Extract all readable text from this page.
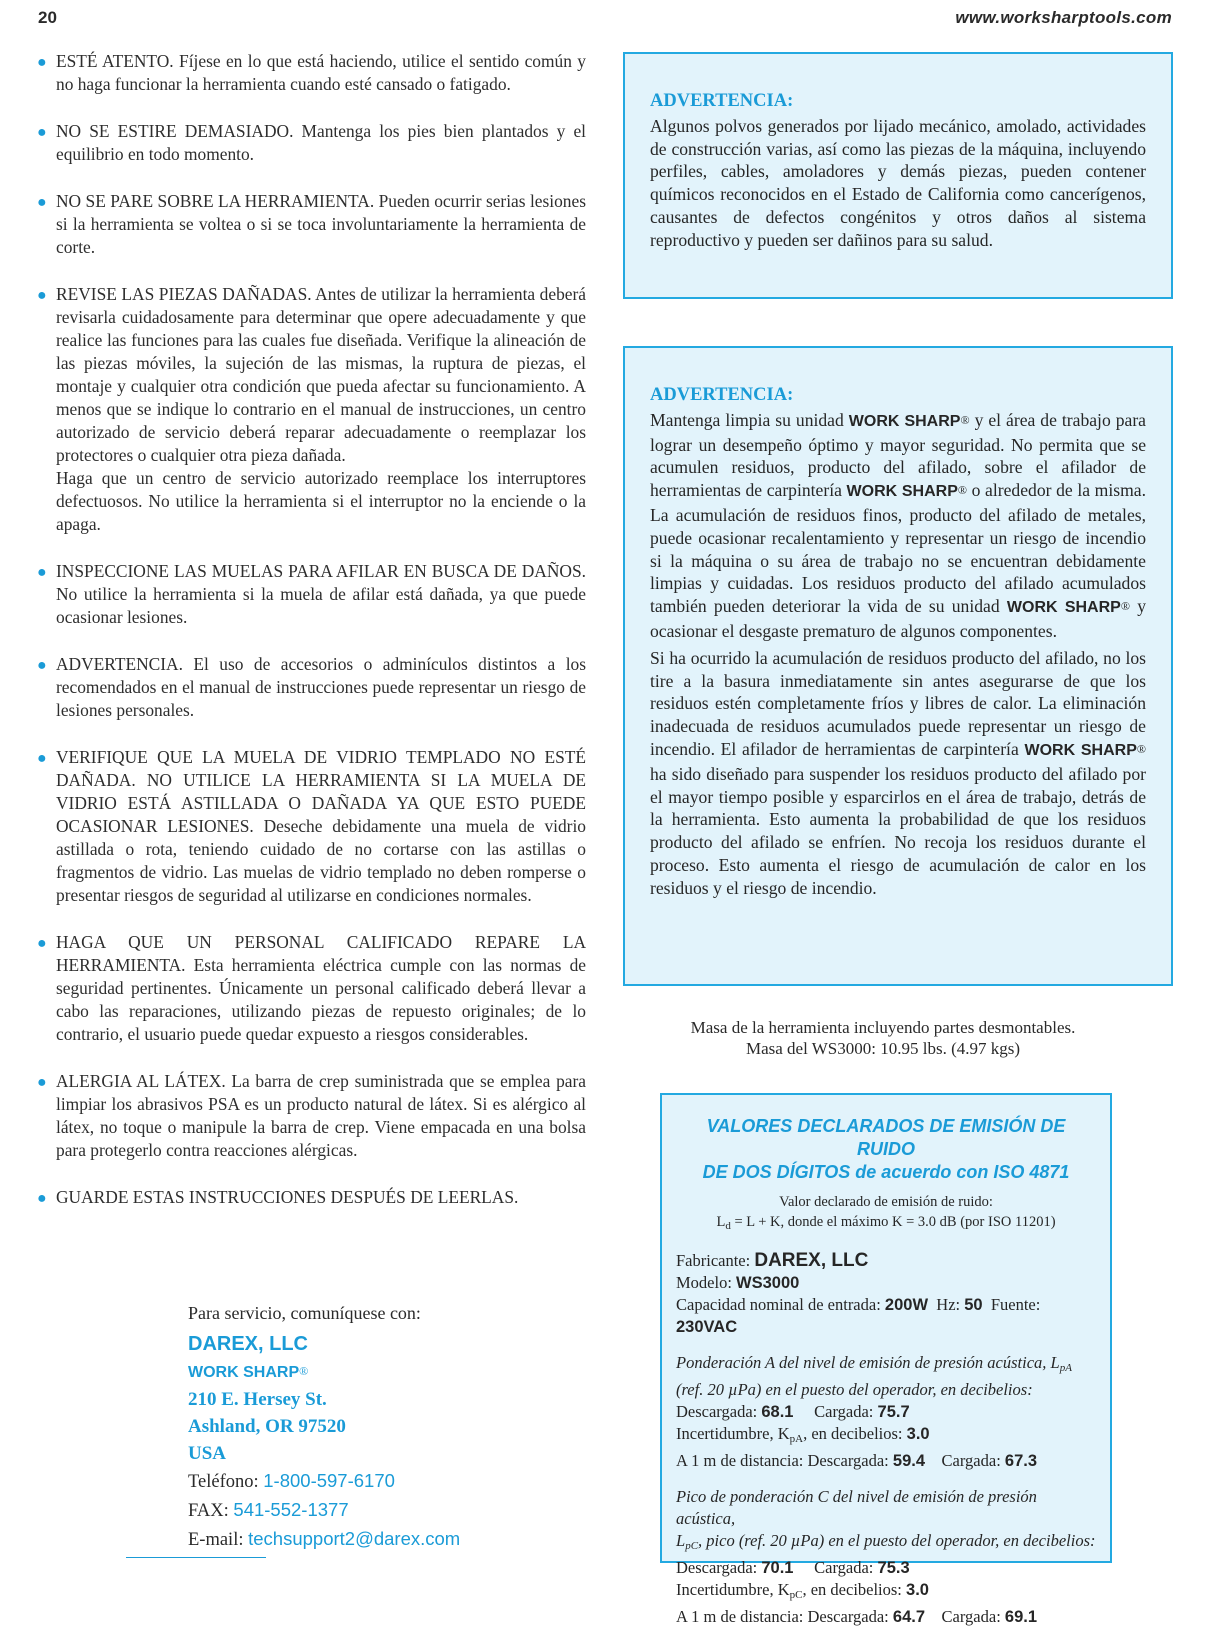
20	www.worksharptools.com
● ESTÉ ATENTO. Fíjese en lo que está haciendo, utilice el sentido común y no haga funcionar la herramienta cuando esté cansado o fatigado.

● NO SE ESTIRE DEMASIADO. Mantenga los pies bien plantados y el equilibrio en todo momento.

● NO SE PARE SOBRE LA HERRAMIENTA. Pueden ocurrir serias lesiones si la herramienta se voltea o si se toca involuntariamente la herramienta de corte.

● REVISE LAS PIEZAS DAÑADAS. Antes de utilizar la herramienta deberá revisarla cuidadosamente para determinar que opere adecuadamente y que realice las funciones para las cuales fue diseñada. Verifique la alineación de las piezas móviles, la sujeción de las mismas, la ruptura de piezas, el montaje y cualquier otra condición que pueda afectar su funcionamiento. A menos que se indique lo contrario en el manual de instrucciones, un centro autorizado de servicio deberá reparar adecuadamente o reemplazar los protectores o cualquier otra pieza dañada.

Haga que un centro de servicio autorizado reemplace los interruptores defectuosos. No utilice la herramienta si el interruptor no la enciende o la apaga.

● INSPECCIONE LAS MUELAS PARA AFILAR EN BUSCA DE DAÑOS. No utilice la herramienta si la muela de afilar está dañada, ya que puede ocasionar lesiones.

● ADVERTENCIA. El uso de accesorios o adminículos distintos a los recomendados en el manual de instrucciones puede representar un riesgo de lesiones personales.

● VERIFIQUE QUE LA MUELA DE VIDRIO TEMPLADO NO ESTÉ DAÑADA. NO UTILICE LA HERRAMIENTA SI LA MUELA DE VIDRIO ESTÁ ASTILLADA O DAÑADA YA QUE ESTO PUEDE OCASIONAR LESIONES. Deseche debidamente una muela de vidrio astillada o rota, teniendo cuidado de no cortarse con las astillas o fragmentos de vidrio. Las muelas de vidrio templado no deben romperse o presentar riesgos de seguridad al utilizarse en condiciones normales.

● HAGA QUE UN PERSONAL CALIFICADO REPARE LA HERRAMIENTA. Esta herramienta eléctrica cumple con las normas de seguridad pertinentes. Únicamente un personal calificado deberá llevar a cabo las reparaciones, utilizando piezas de repuesto originales; de lo contrario, el usuario puede quedar expuesto a riesgos considerables.

● ALERGIA AL LÁTEX. La barra de crep suministrada que se emplea para limpiar los abrasivos PSA es un producto natural de látex. Si es alérgico al látex, no toque o manipule la barra de crep. Viene empacada en una bolsa para protegerlo contra reacciones alérgicas.

● GUARDE ESTAS INSTRUCCIONES DESPUÉS DE LEERLAS.

Para servicio, comuníquese con:
DAREX, LLC
WORK SHARP®
210 E. Hersey St.
Ashland, OR 97520
USA
Teléfono: 1-800-597-6170
FAX: 541-552-1377
E-mail: techsupport2@darex.com
ADVERTENCIA:

Algunos polvos generados por lijado mecánico, amolado, actividades de construcción varias, así como las piezas de la máquina, incluyendo perfiles, cables, amoladores y demás piezas, pueden contener químicos reconocidos en el Estado de California como cancerígenos, causantes de defectos congénitos y otros daños al sistema reproductivo y pueden ser dañinos para su salud.

ADVERTENCIA:

Mantenga limpia su unidad WORK SHARP® y el área de trabajo para lograr un desempeño óptimo y mayor seguridad. No permita que se acumulen residuos, producto del afilado, sobre el afilador de herramientas de carpintería WORK SHARP® o alrededor de la misma. La acumulación de residuos finos, producto del afilado de metales, puede ocasionar recalentamiento y representar un riesgo de incendio si la máquina o su área de trabajo no se encuentran debidamente limpias y cuidadas. Los residuos producto del afilado acumulados también pueden deteriorar la vida de su unidad WORK SHARP® y ocasionar el desgaste prematuro de algunos componentes.

Si ha ocurrido la acumulación de residuos producto del afilado, no los tire a la basura inmediatamente sin antes asegurarse de que los residuos estén completamente fríos y libres de calor. La eliminación inadecuada de residuos acumulados puede representar un riesgo de incendio. El afilador de herramientas de carpintería WORK SHARP® ha sido diseñado para suspender los residuos producto del afilado por el mayor tiempo posible y esparcirlos en el área de trabajo, detrás de la herramienta. Esto aumenta la probabilidad de que los residuos producto del afilado se enfríen. No recoja los residuos durante el proceso. Esto aumenta el riesgo de acumulación de calor en los residuos y el riesgo de incendio.

Masa de la herramienta incluyendo partes desmontables.
Masa del WS3000: 10.95 lbs. (4.97 kgs)
VALORES DECLARADOS DE EMISIÓN DE RUIDO
DE DOS DÍGITOS de acuerdo con ISO 4871
Valor declarado de emisión de ruido:
$L_d = L + K$, donde el máximo K = 3.0 dB (por ISO 11201)
Fabricante: DAREX, LLC
Modelo: WS3000
Capacidad nominal de entrada: 200W Hz: 50 Fuente: 230VAC
Ponderación A del nivel de emisión de presión acústica, $L_{pA}$
(ref. 20 µPa) en el puesto del operador, en decibelios:
Descargada: 68.1 Cargada: 75.7
Incertidumbre, $K_{pA}$, en decibelios: 3.0
A 1 m de distancia: Descargada: 59.4 Cargada: 67.3
Pico de ponderación C del nivel de emisión de presión acústica,
$L_{pC}$, pico (ref. 20 µPa) en el puesto del operador, en decibelios:
Descargada: 70.1 Cargada: 75.3
Incertidumbre, $K_{pC}$, en decibelios: 3.0
A 1 m de distancia: Descargada: 64.7 Cargada: 69.1
